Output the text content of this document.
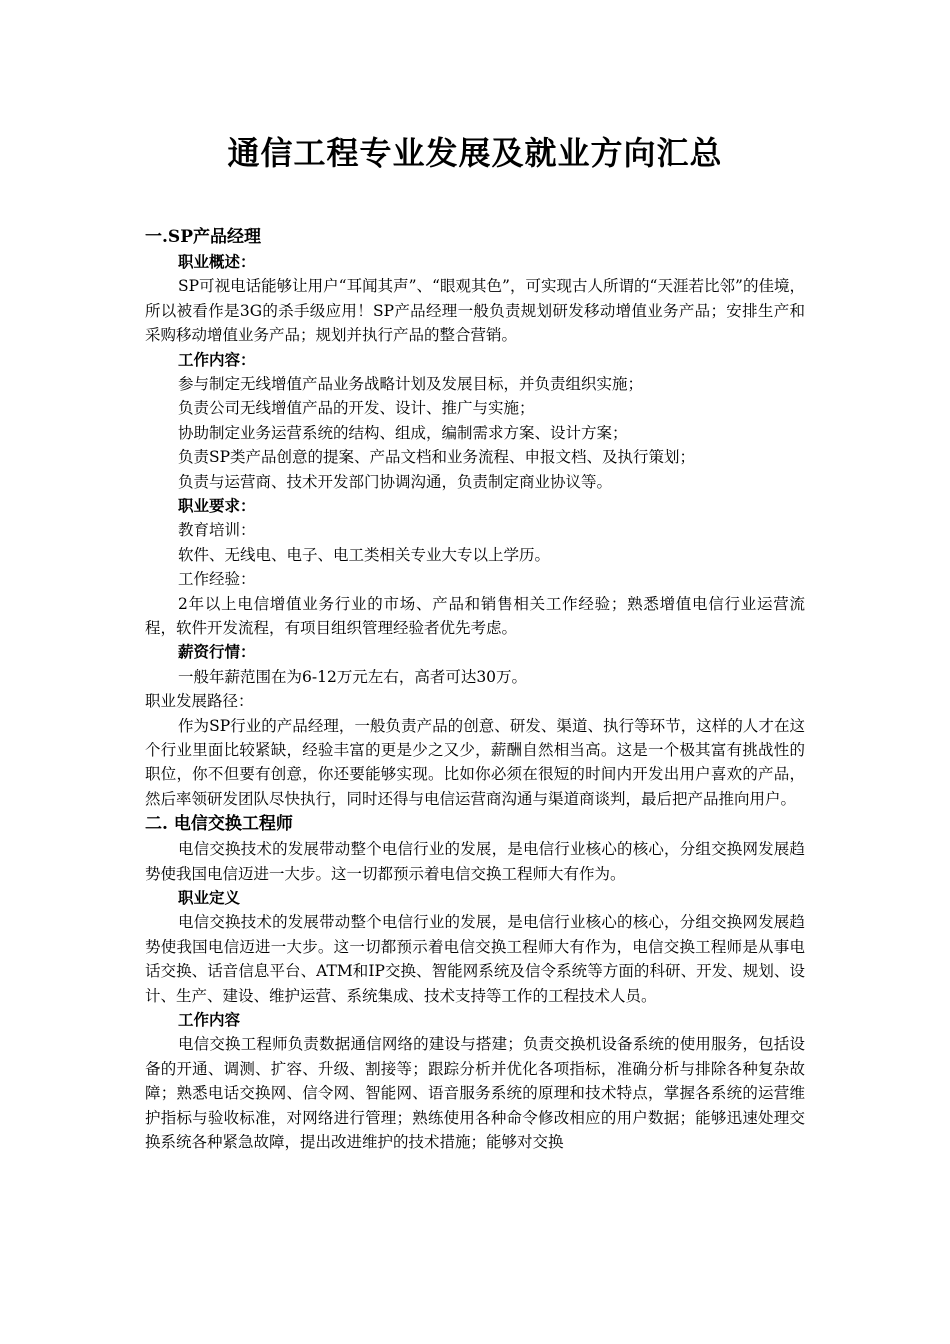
通信工程专业发展及就业方向汇总
一.SP产品经理
职业概述：
SP可视电话能够让用户“耳闻其声”、“眼观其色”，可实现古人所谓的“天涯若比邻”的佳境，所以被看作是3G的杀手级应用！SP产品经理一般负责规划研发移动增值业务产品；安排生产和采购移动增值业务产品；规划并执行产品的整合营销。
工作内容：
参与制定无线增值产品业务战略计划及发展目标，并负责组织实施；
负责公司无线增值产品的开发、设计、推广与实施；
协助制定业务运营系统的结构、组成，编制需求方案、设计方案；
负责SP类产品创意的提案、产品文档和业务流程、申报文档、及执行策划；
负责与运营商、技术开发部门协调沟通，负责制定商业协议等。
职业要求：
教育培训：
软件、无线电、电子、电工类相关专业大专以上学历。
工作经验：
2年以上电信增值业务行业的市场、产品和销售相关工作经验；熟悉增值电信行业运营流程，软件开发流程，有项目组织管理经验者优先考虑。
薪资行情：
一般年薪范围在为6-12万元左右，高者可达30万。
职业发展路径：
作为SP行业的产品经理，一般负责产品的创意、研发、渠道、执行等环节，这样的人才在这个行业里面比较紧缺，经验丰富的更是少之又少，薪酬自然相当高。这是一个极其富有挑战性的职位，你不但要有创意，你还要能够实现。比如你必须在很短的时间内开发出用户喜欢的产品，然后率领研发团队尽快执行，同时还得与电信运营商沟通与渠道商谈判，最后把产品推向用户。
二. 电信交换工程师
电信交换技术的发展带动整个电信行业的发展，是电信行业核心的核心，分组交换网发展趋势使我国电信迈进一大步。这一切都预示着电信交换工程师大有作为。
职业定义
电信交换技术的发展带动整个电信行业的发展，是电信行业核心的核心，分组交换网发展趋势使我国电信迈进一大步。这一切都预示着电信交换工程师大有作为，电信交换工程师是从事电话交换、话音信息平台、ATM和IP交换、智能网系统及信令系统等方面的科研、开发、规划、设计、生产、建设、维护运营、系统集成、技术支持等工作的工程技术人员。
工作内容
电信交换工程师负责数据通信网络的建设与搭建；负责交换机设备系统的使用服务，包括设备的开通、调测、扩容、升级、割接等；跟踪分析并优化各项指标，准确分析与排除各种复杂故障；熟悉电话交换网、信令网、智能网、语音服务系统的原理和技术特点，掌握各系统的运营维护指标与验收标准，对网络进行管理；熟练使用各种命令修改相应的用户数据；能够迅速处理交换系统各种紧急故障，提出改进维护的技术措施；能够对交换
